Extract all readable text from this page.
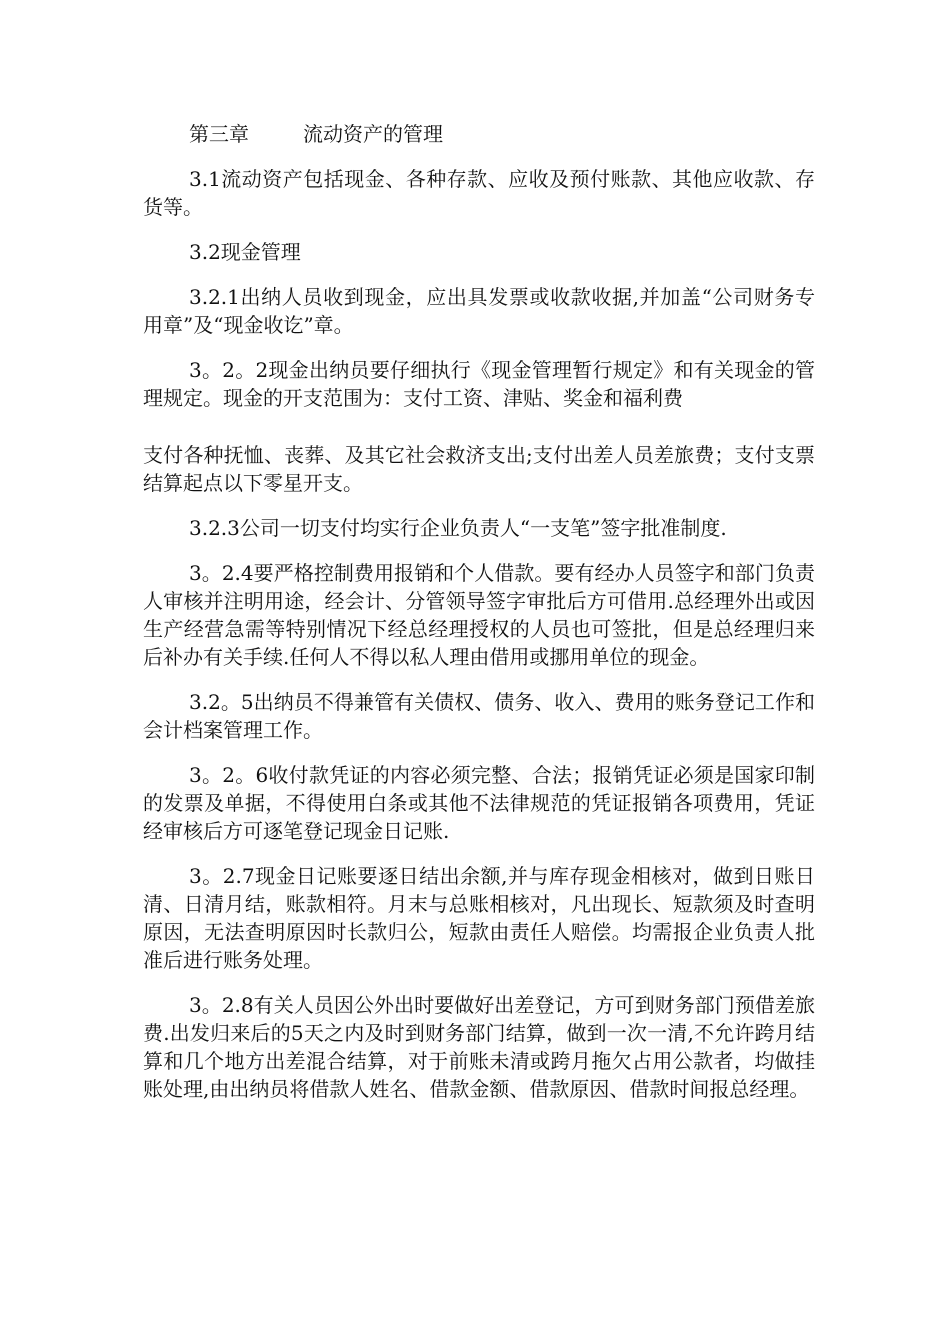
第三章	流动资产的管理

3.1流动资产包括现金、各种存款、应收及预付账款、其他应收款、存货等。

3.2现金管理

3.2.1出纳人员收到现金，应出具发票或收款收据,并加盖“公司财务专用章”及“现金收讫”章。

3。2。2现金出纳员要仔细执行《现金管理暂行规定》和有关现金的管理规定。现金的开支范围为：支付工资、津贴、奖金和福利费

支付各种抚恤、丧葬、及其它社会救济支出;支付出差人员差旅费；支付支票结算起点以下零星开支。

3.2.3公司一切支付均实行企业负责人“一支笔”签字批准制度.

3。2.4要严格控制费用报销和个人借款。要有经办人员签字和部门负责人审核并注明用途，经会计、分管领导签字审批后方可借用.总经理外出或因生产经营急需等特别情况下经总经理授权的人员也可签批，但是总经理归来后补办有关手续.任何人不得以私人理由借用或挪用单位的现金。

3.2。5出纳员不得兼管有关债权、债务、收入、费用的账务登记工作和会计档案管理工作。

3。2。6收付款凭证的内容必须完整、合法；报销凭证必须是国家印制的发票及单据，不得使用白条或其他不法律规范的凭证报销各项费用，凭证经审核后方可逐笔登记现金日记账.

3。2.7现金日记账要逐日结出余额,并与库存现金相核对，做到日账日清、日清月结，账款相符。月末与总账相核对，凡出现长、短款须及时查明原因，无法查明原因时长款归公，短款由责任人赔偿。均需报企业负责人批准后进行账务处理。

3。2.8有关人员因公外出时要做好出差登记，方可到财务部门预借差旅费.出发归来后的5天之内及时到财务部门结算，做到一次一清,不允许跨月结算和几个地方出差混合结算，对于前账未清或跨月拖欠占用公款者，均做挂账处理,由出纳员将借款人姓名、借款金额、借款原因、借款时间报总经理。
